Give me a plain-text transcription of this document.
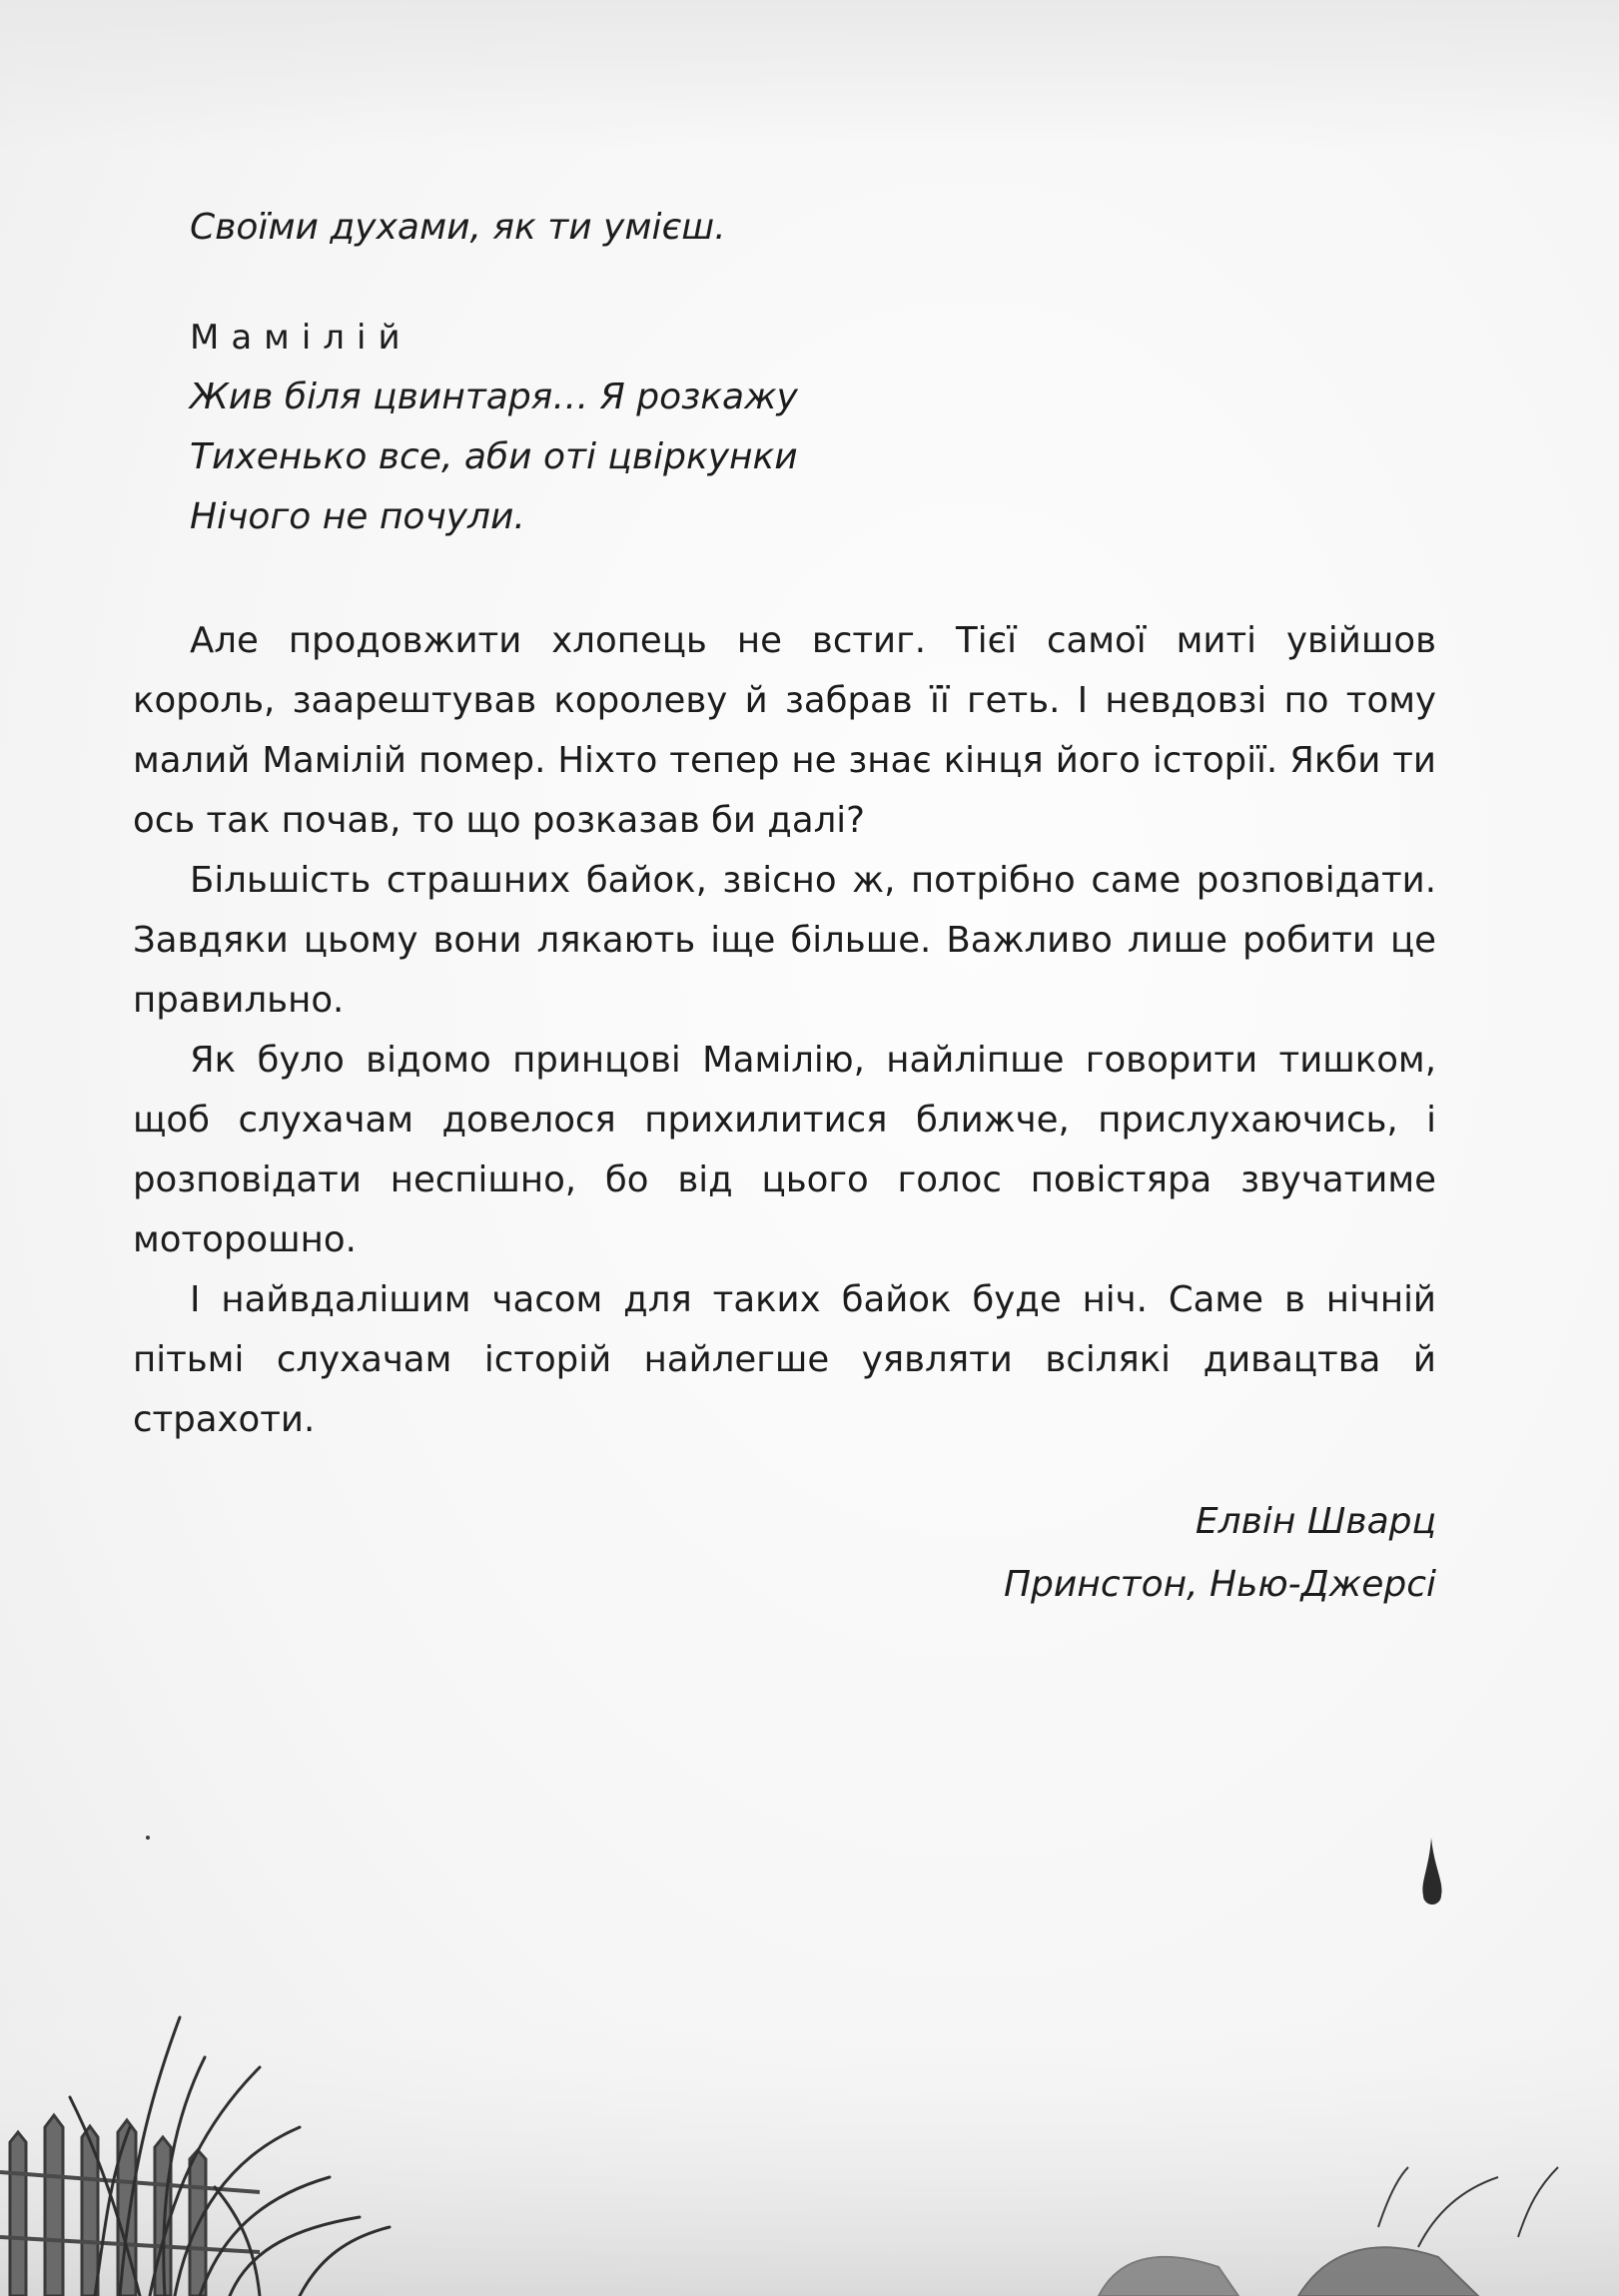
Своїми духами, як ти умієш.
Мамілій
Жив біля цвинтаря… Я розкажу
Тихенько все, аби оті цвіркунки
Нічого не почули.

Але продовжити хлопець не встиг. Тієї самої миті увійшов король, заарештував королеву й забрав її геть. І невдовзі по тому малий Мамілій помер. Ніхто тепер не знає кінця його історії. Якби ти ось так почав, то що розказав би далі?

Більшість страшних байок, звісно ж, потрібно саме розповідати. Завдяки цьому вони лякають іще більше. Важливо лише робити це правильно.

Як було відомо принцові Мамілію, найліпше говорити тишком, щоб слухачам довелося прихилитися ближче, прислухаючись, і розповідати неспішно, бо від цього голос повістяра звучатиме моторошно.

І найвдалішим часом для таких байок буде ніч. Саме в нічній пітьмі слухачам історій найлегше уявляти всілякі дивацтва й страхоти.

Елвін Шварц
Принстон, Нью-Джерсі
